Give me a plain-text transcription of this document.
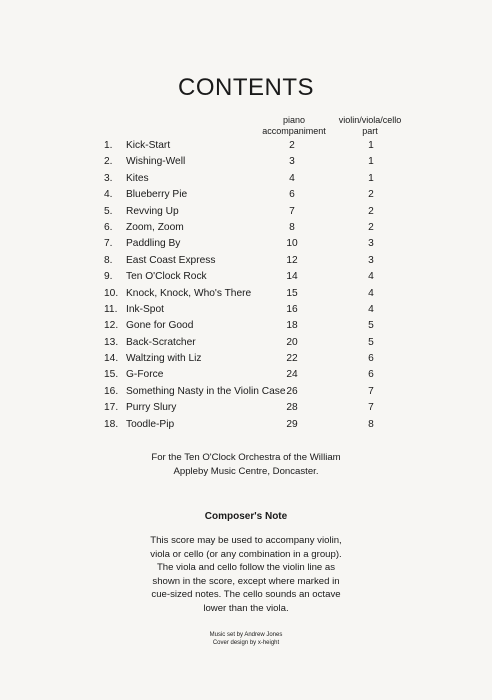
CONTENTS
piano
accompaniment
violin/viola/cello
part
1.	Kick-Start	2	1
2.	Wishing-Well	3	1
3.	Kites	4	1
4.	Blueberry Pie	6	2
5.	Revving Up	7	2
6.	Zoom, Zoom	8	2
7.	Paddling By	10	3
8.	East Coast Express	12	3
9.	Ten O'Clock Rock	14	4
10. Knock, Knock, Who's There	15	4
11. Ink-Spot	16	4
12. Gone for Good	18	5
13. Back-Scratcher	20	5
14. Waltzing with Liz	22	6
15. G-Force	24	6
16. Something Nasty in the Violin Case 26	7
17. Purry Slury	28	7
18. Toodle-Pip	29	8
For the Ten O'Clock Orchestra of the William
Appleby Music Centre, Doncaster.
Composer's Note
This score may be used to accompany violin,
viola or cello (or any combination in a group).
The viola and cello follow the violin line as
shown in the score, except where marked in
cue-sized notes. The cello sounds an octave
lower than the viola.
Music set by Andrew Jones
Cover design by x-height
